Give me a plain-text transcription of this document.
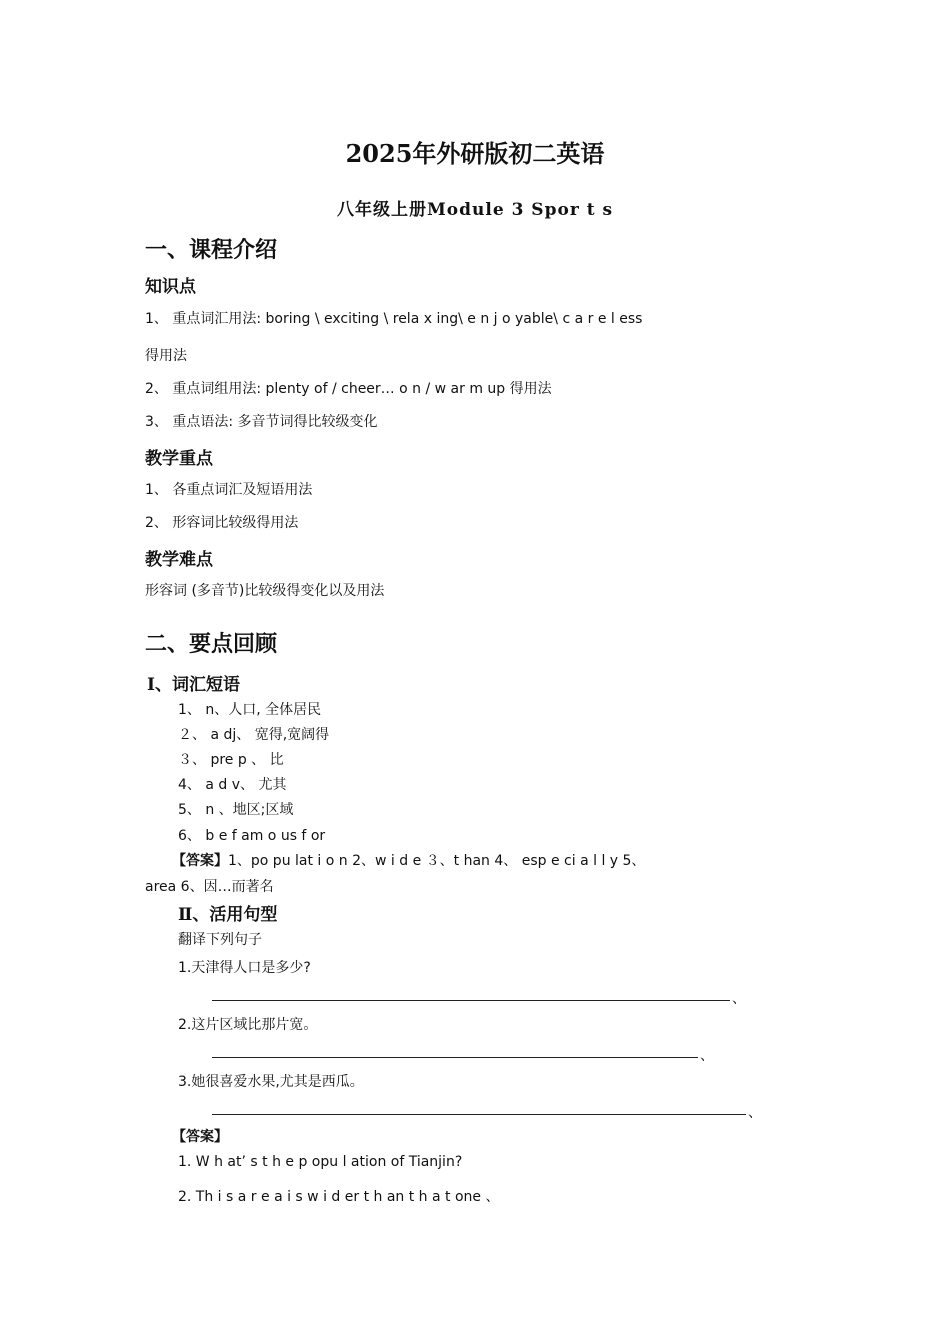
2025年外研版初二英语
八年级上册Module 3 Spor t s
一、课程介绍
知识点
1、 重点词汇用法: boring \ exciting \ rela x ing\ e n j o yable\ c a r e l ess
得用法
2、 重点词组用法: plenty of / cheer… o n / w ar m up 得用法
3、 重点语法: 多音节词得比较级变化
教学重点
1、 各重点词汇及短语用法
2、 形容词比较级得用法
教学难点
形容词 (多音节)比较级得变化以及用法
二、要点回顾
Ⅰ、词汇短语
1、 n、人口, 全体居民
２、 a dj、 宽得,宽阔得
３、 pre p 、 比
4、 a d v、 尤其
5、 n 、地区;区域
6、 b e f am o us f or
【答案】1、po pu lat i o n 2、w i d e ３、t han 4、 esp e ci a l l y 5、
area 6、因…而著名
Ⅱ、活用句型
翻译下列句子
1.天津得人口是多少?
、
2.这片区域比那片宽。
、
3.她很喜爱水果,尤其是西瓜。
、
【答案】
1. W h at’ s t h e p opu l ation of Tianjin?
2. Th i s a r e a i s w i d er t h an t h a t one 、
